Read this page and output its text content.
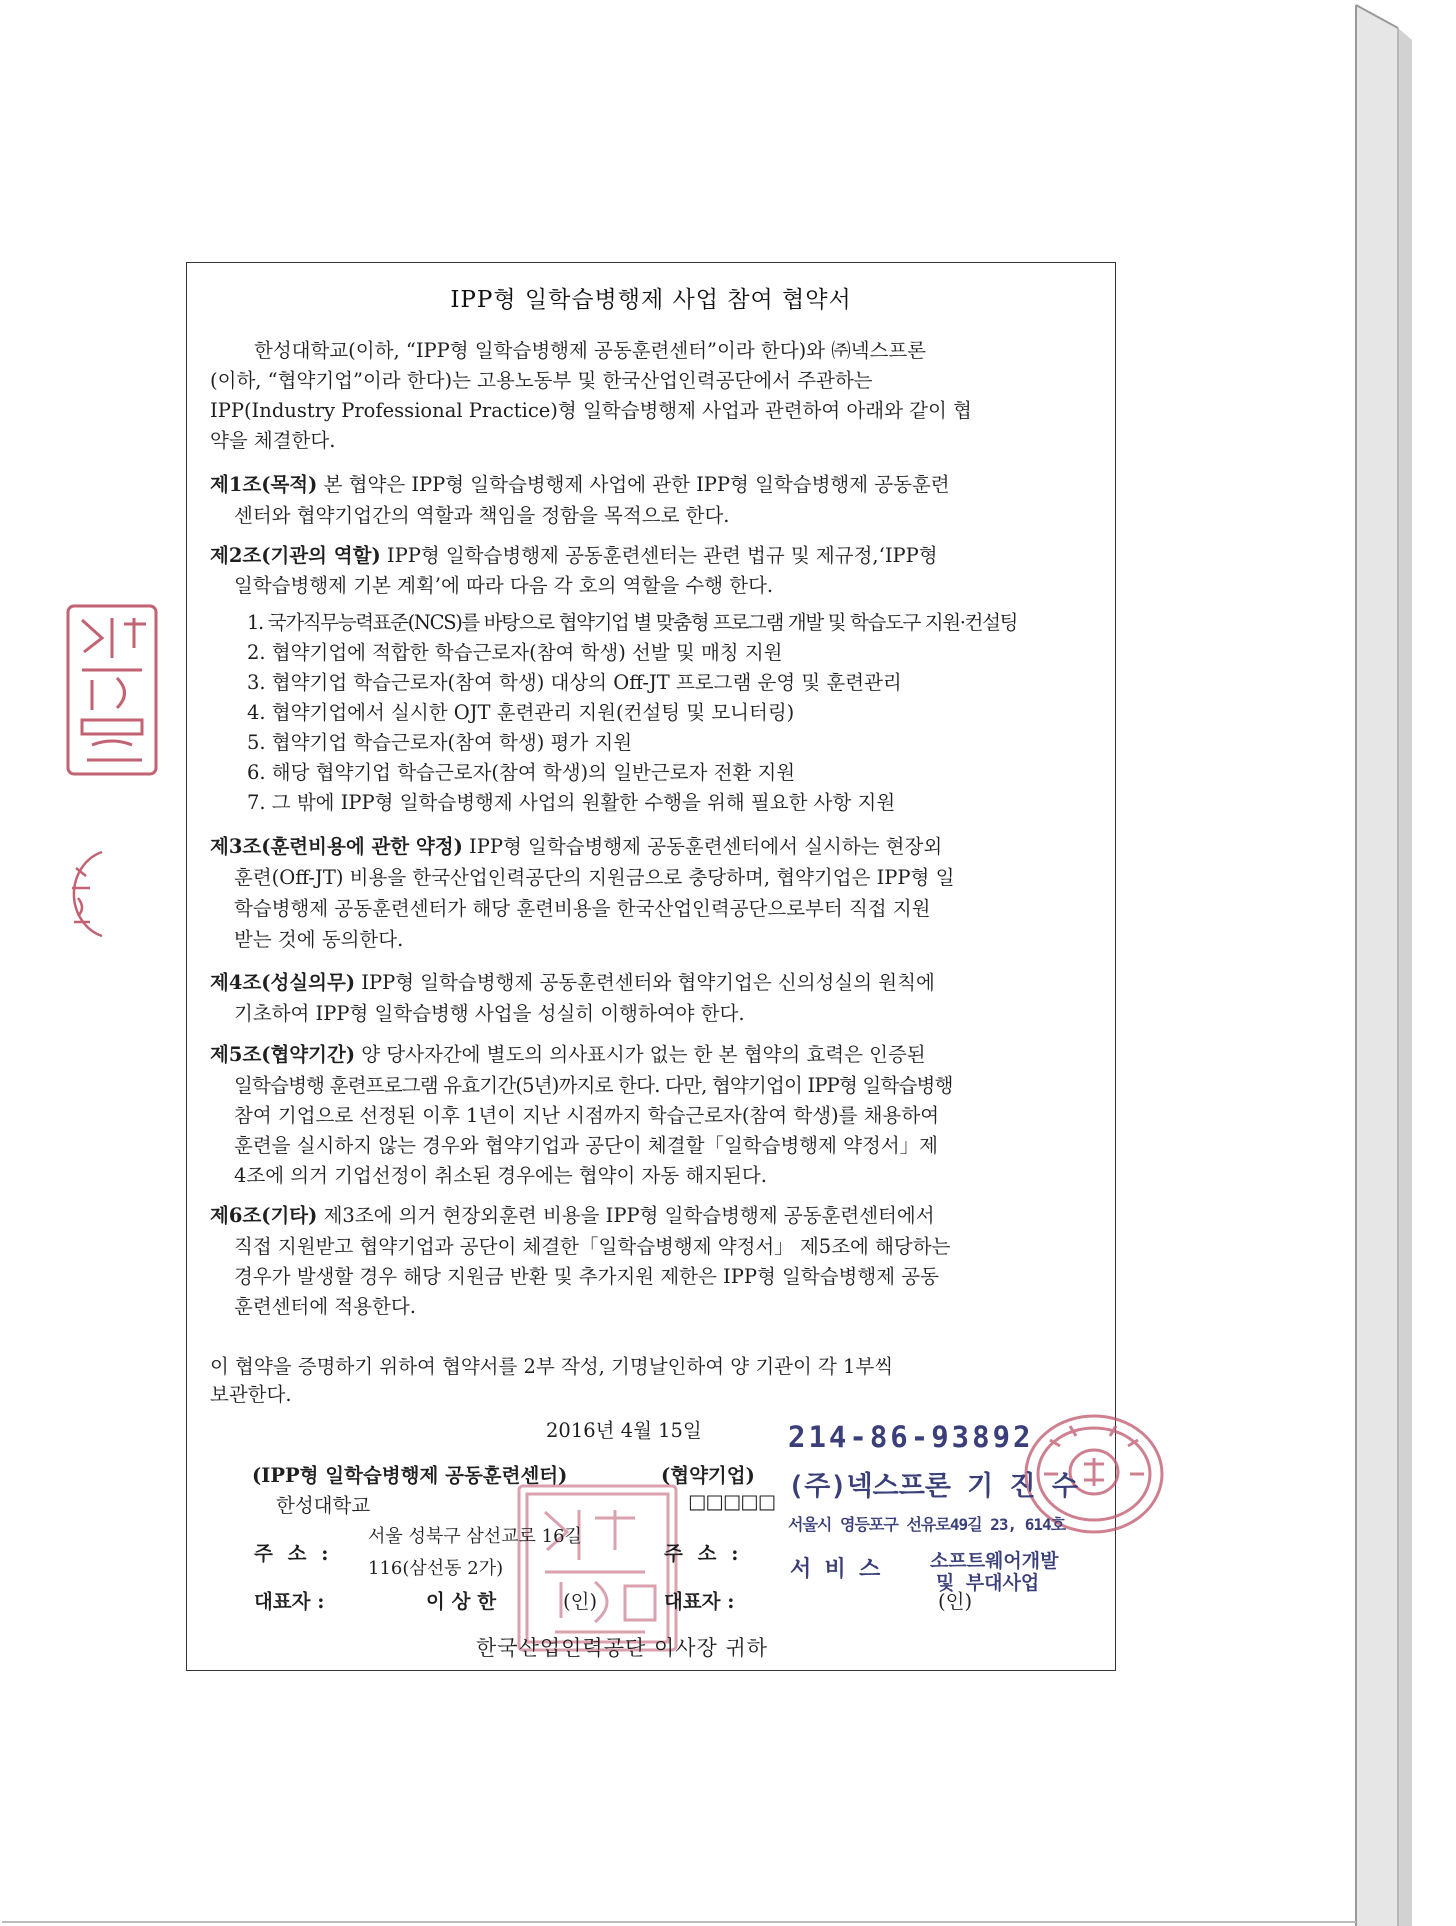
IPP형 일학습병행제 사업 참여 협약서
한성대학교(이하, “IPP형 일학습병행제 공동훈련센터”이라 한다)와 ㈜넥스프론
(이하, “협약기업”이라 한다)는 고용노동부 및 한국산업인력공단에서 주관하는
IPP(Industry Professional Practice)형 일학습병행제 사업과 관련하여 아래와 같이 협
약을 체결한다.
제1조(목적) 본 협약은 IPP형 일학습병행제 사업에 관한 IPP형 일학습병행제 공동훈련
센터와 협약기업간의 역할과 책임을 정함을 목적으로 한다.
제2조(기관의 역할) IPP형 일학습병행제 공동훈련센터는 관련 법규 및 제규정,‘IPP형
일학습병행제 기본 계획’에 따라 다음 각 호의 역할을 수행 한다.
1. 국가직무능력표준(NCS)를 바탕으로 협약기업 별 맞춤형 프로그램 개발 및 학습도구 지원·컨설팅
2. 협약기업에 적합한 학습근로자(참여 학생) 선발 및 매칭 지원
3. 협약기업 학습근로자(참여 학생) 대상의 Off-JT 프로그램 운영 및 훈련관리
4. 협약기업에서 실시한 OJT 훈련관리 지원(컨설팅 및 모니터링)
5. 협약기업 학습근로자(참여 학생) 평가 지원
6. 해당 협약기업 학습근로자(참여 학생)의 일반근로자 전환 지원
7. 그 밖에 IPP형 일학습병행제 사업의 원활한 수행을 위해 필요한 사항 지원
제3조(훈련비용에 관한 약정) IPP형 일학습병행제 공동훈련센터에서 실시하는 현장외
훈련(Off-JT) 비용을 한국산업인력공단의 지원금으로 충당하며, 협약기업은 IPP형 일
학습병행제 공동훈련센터가 해당 훈련비용을 한국산업인력공단으로부터 직접 지원
받는 것에 동의한다.
제4조(성실의무) IPP형 일학습병행제 공동훈련센터와 협약기업은 신의성실의 원칙에
기초하여 IPP형 일학습병행 사업을 성실히 이행하여야 한다.
제5조(협약기간) 양 당사자간에 별도의 의사표시가 없는 한 본 협약의 효력은 인증된
일학습병행 훈련프로그램 유효기간(5년)까지로 한다. 다만, 협약기업이 IPP형 일학습병행
참여 기업으로 선정된 이후 1년이 지난 시점까지 학습근로자(참여 학생)를 채용하여
훈련을 실시하지 않는 경우와 협약기업과 공단이 체결할「일학습병행제 약정서」제
4조에 의거 기업선정이 취소된 경우에는 협약이 자동 해지된다.
제6조(기타) 제3조에 의거 현장외훈련 비용을 IPP형 일학습병행제 공동훈련센터에서
직접 지원받고 협약기업과 공단이 체결한「일학습병행제 약정서」 제5조에 해당하는
경우가 발생할 경우 해당 지원금 반환 및 추가지원 제한은 IPP형 일학습병행제 공동
훈련센터에 적용한다.
이 협약을 증명하기 위하여 협약서를 2부 작성, 기명날인하여 양 기관이 각 1부씩
보관한다.
2016년 4월 15일
(IPP형 일학습병행제 공동훈련센터)
한성대학교
주 소 :
서울 성북구 삼선교로 16길
116(삼선동 2가)
대표자 :	이 상 한	(인)
(협약기업)
□□□□□
주 소 :
대표자 :	(인)
214-86-93892
(주)넥스프론 기 진 수
서울시 영등포구 선유로49길 23, 614호
서 비 스	소프트웨어개발
및 부대사업
한국산업인력공단 이사장 귀하
